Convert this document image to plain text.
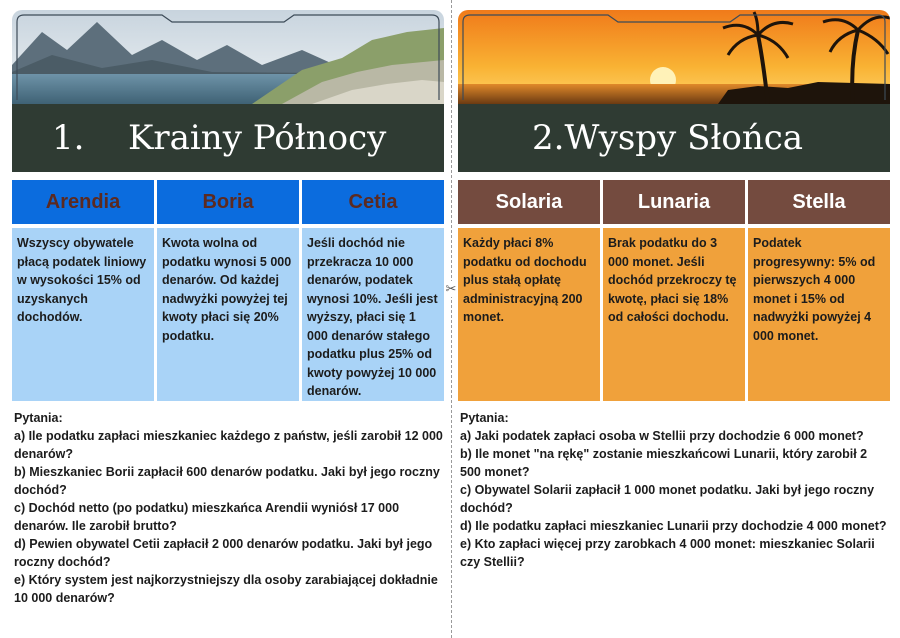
✂
1.	Krainy Północy
Arendia
Wszyscy obywatele płacą podatek liniowy w wysokości 15% od uzyskanych dochodów.
Boria
Kwota wolna od podatku wynosi 5 000 denarów. Od każdej nadwyżki powyżej tej kwoty płaci się 20% podatku.
Cetia
Jeśli dochód nie przekracza 10 000 denarów, podatek wynosi 10%. Jeśli jest wyższy, płaci się 1 000 denarów stałego podatku plus 25% od kwoty powyżej 10 000 denarów.
Pytania:
a) Ile podatku zapłaci mieszkaniec każdego z państw, jeśli zarobił 12 000 denarów?
b) Mieszkaniec Borii zapłacił 600 denarów podatku. Jaki był jego roczny dochód?
c) Dochód netto (po podatku) mieszkańca Arendii wyniósł 17 000 denarów. Ile zarobił brutto?
d) Pewien obywatel Cetii zapłacił 2 000 denarów podatku. Jaki był jego roczny dochód?
e) Który system jest najkorzystniejszy dla osoby zarabiającej dokładnie 10 000 denarów?
2.Wyspy Słońca
Solaria
Każdy płaci 8% podatku od dochodu plus stałą opłatę administracyjną 200 monet.
Lunaria
Brak podatku do 3 000 monet. Jeśli dochód przekroczy tę kwotę, płaci się 18% od całości dochodu.
Stella
Podatek progresywny: 5% od pierwszych 4 000 monet i 15% od nadwyżki powyżej 4 000 monet.
Pytania:
a) Jaki podatek zapłaci osoba w Stellii przy dochodzie 6 000 monet?
b) Ile monet "na rękę" zostanie mieszkańcowi Lunarii, który zarobił 2 500 monet?
c) Obywatel Solarii zapłacił 1 000 monet podatku. Jaki był jego roczny dochód?
d) Ile podatku zapłaci mieszkaniec Lunarii przy dochodzie 4 000 monet?
e) Kto zapłaci więcej przy zarobkach 4 000 monet: mieszkaniec Solarii czy Stellii?
